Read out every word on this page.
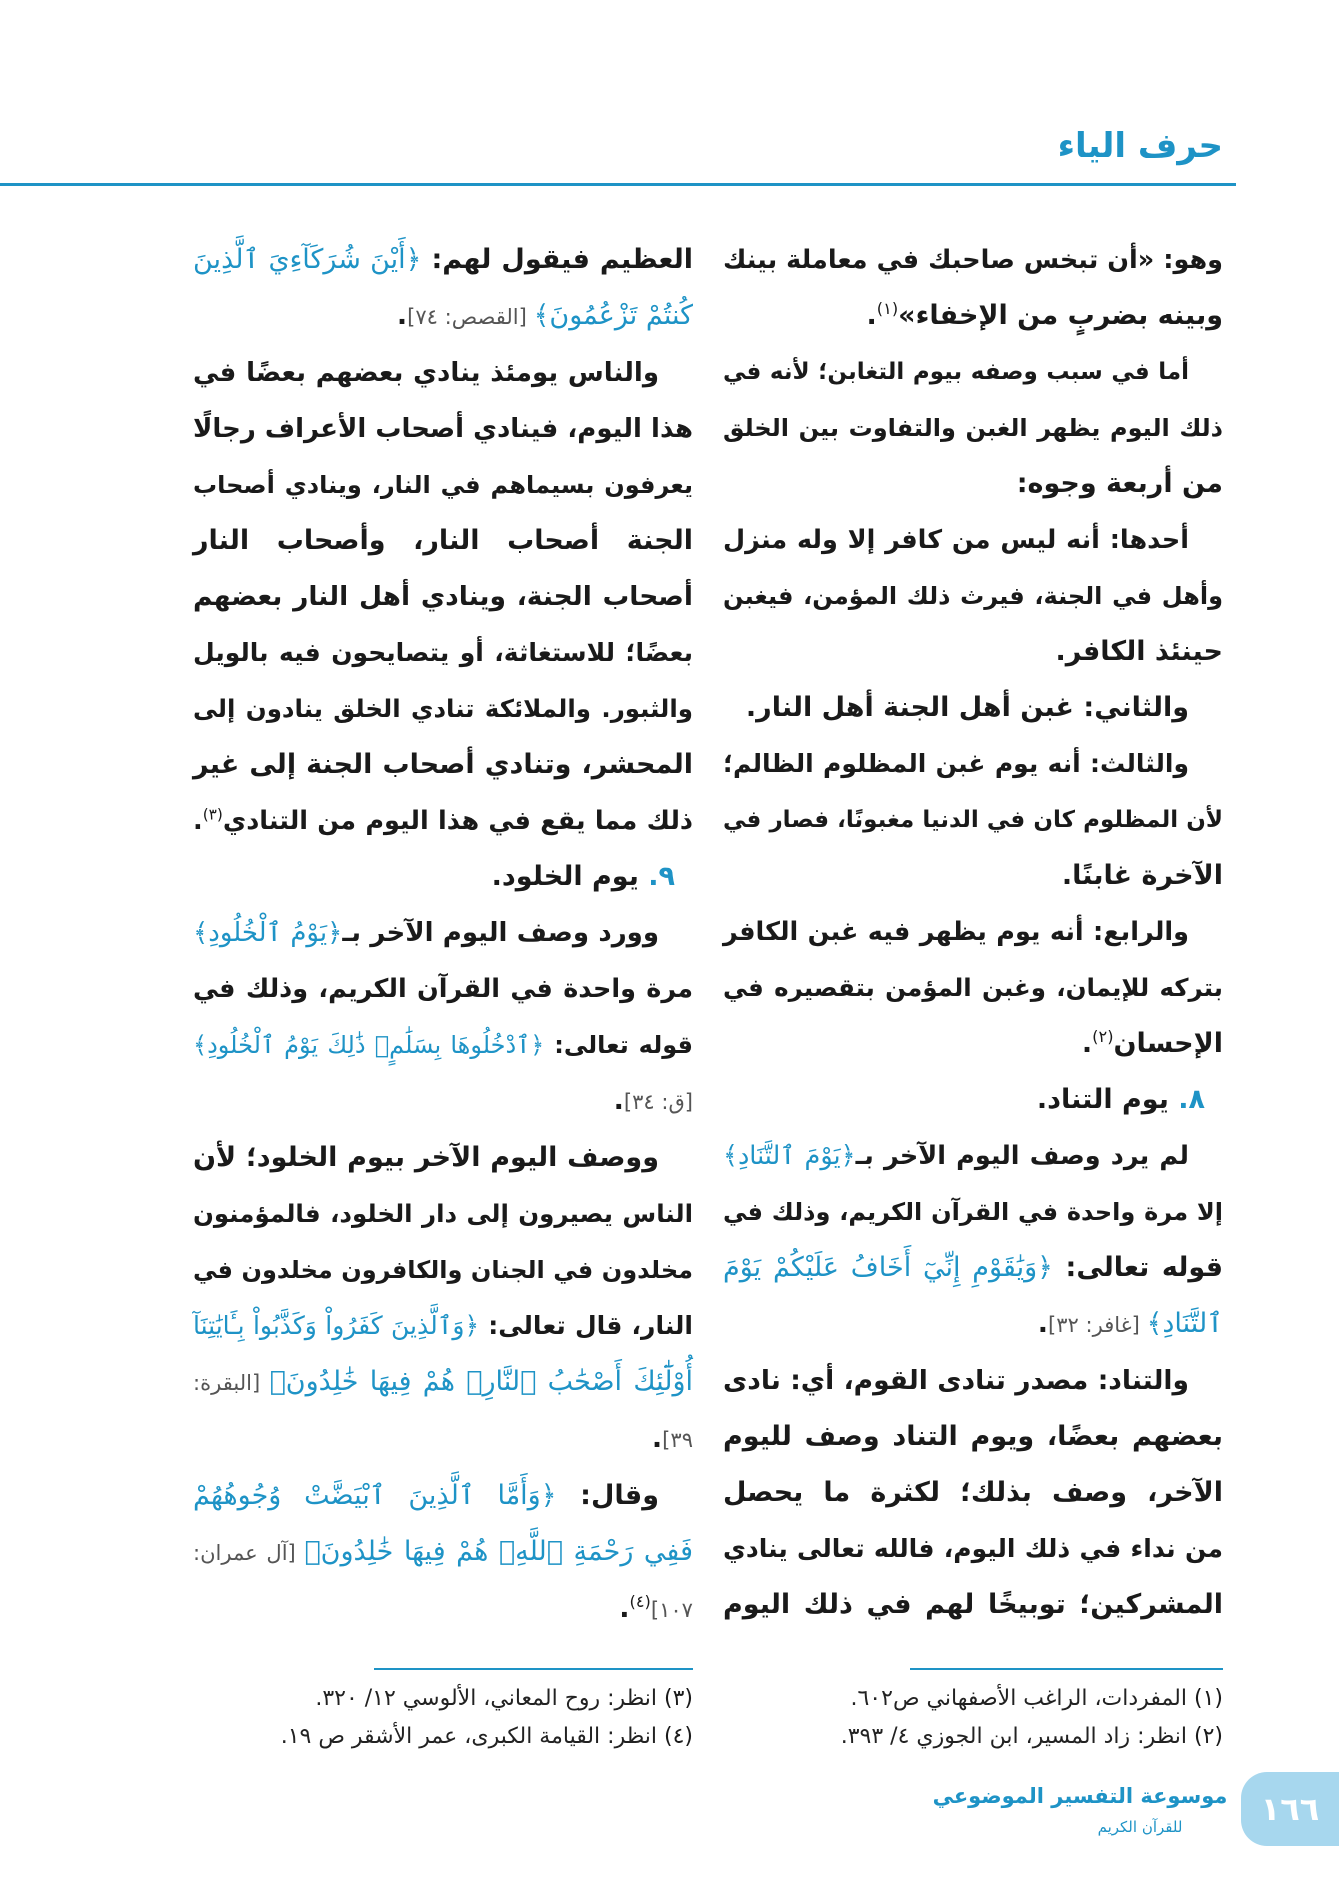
حرف الياء
وهو: «أن تبخس صاحبك في معاملة بينك
وبينه بضربٍ من الإخفاء»$^{(١)}$.
أما في سبب وصفه بيوم التغابن؛ لأنه في
ذلك اليوم يظهر الغبن والتفاوت بين الخلق
من أربعة وجوه:
أحدها: أنه ليس من كافر إلا وله منزل
وأهل في الجنة، فيرث ذلك المؤمن، فيغبن
حينئذ الكافر.
والثاني: غبن أهل الجنة أهل النار.
والثالث: أنه يوم غبن المظلوم الظالم؛
لأن المظلوم كان في الدنيا مغبونًا، فصار في
الآخرة غابنًا.
والرابع: أنه يوم يظهر فيه غبن الكافر
بتركه للإيمان، وغبن المؤمن بتقصيره في
الإحسان$^{(٢)}$.
٨. يوم التناد.
لم يرد وصف اليوم الآخر بـ﴿يَوْمَ ٱلتَّنَادِ﴾
إلا مرة واحدة في القرآن الكريم، وذلك في
قوله تعالى: ﴿وَيَٰقَوْمِ إِنِّيٓ أَخَافُ عَلَيْكُمْ يَوْمَ
ٱلتَّنَادِ﴾ [غافر: ٣٢].
والتناد: مصدر تنادى القوم، أي: نادى
بعضهم بعضًا، ويوم التناد وصف لليوم
الآخر، وصف بذلك؛ لكثرة ما يحصل
من نداء في ذلك اليوم، فالله تعالى ينادي
المشركين؛ توبيخًا لهم في ذلك اليوم
العظيم فيقول لهم: ﴿أَيْنَ شُرَكَآءِيَ ٱلَّذِينَ
كُنتُمْ تَزْعُمُونَ﴾ [القصص: ٧٤].
والناس يومئذ ينادي بعضهم بعضًا في
هذا اليوم، فينادي أصحاب الأعراف رجالًا
يعرفون بسيماهم في النار، وينادي أصحاب
الجنة أصحاب النار، وأصحاب النار
أصحاب الجنة، وينادي أهل النار بعضهم
بعضًا؛ للاستغاثة، أو يتصايحون فيه بالويل
والثبور. والملائكة تنادي الخلق ينادون إلى
المحشر، وتنادي أصحاب الجنة إلى غير
ذلك مما يقع في هذا اليوم من التنادي$^{(٣)}$.
٩. يوم الخلود.
وورد وصف اليوم الآخر بـ﴿يَوْمُ ٱلْخُلُودِ﴾
مرة واحدة في القرآن الكريم، وذلك في
قوله تعالى: ﴿ٱدْخُلُوهَا بِسَلَٰمٍۖ ذَٰلِكَ يَوْمُ ٱلْخُلُودِ﴾
[ق: ٣٤].
ووصف اليوم الآخر بيوم الخلود؛ لأن
الناس يصيرون إلى دار الخلود، فالمؤمنون
مخلدون في الجنان والكافرون مخلدون في
النار، قال تعالى: ﴿وَٱلَّذِينَ كَفَرُواْ وَكَذَّبُواْ بِـَٔايَٰتِنَآ
أُوْلَٰٓئِكَ أَصْحَٰبُ ٱلنَّارِۖ هُمْ فِيهَا خَٰلِدُونَ﴾ [البقرة:
٣٩].
وقال: ﴿وَأَمَّا ٱلَّذِينَ ٱبْيَضَّتْ وُجُوهُهُمْ
فَفِي رَحْمَةِ ٱللَّهِۖ هُمْ فِيهَا خَٰلِدُونَ﴾ [آل عمران:
١٠٧]$^{(٤)}$.
(١) المفردات، الراغب الأصفهاني ص٦٠٢.
(٢) انظر: زاد المسير، ابن الجوزي ٤/ ٣٩٣.
(٣) انظر: روح المعاني، الألوسي ١٢/ ٣٢٠.
(٤) انظر: القيامة الكبرى، عمر الأشقر ص ١٩.
موسوعة التفسير الموضوعي
للقرآن الكريم	١٦٦
